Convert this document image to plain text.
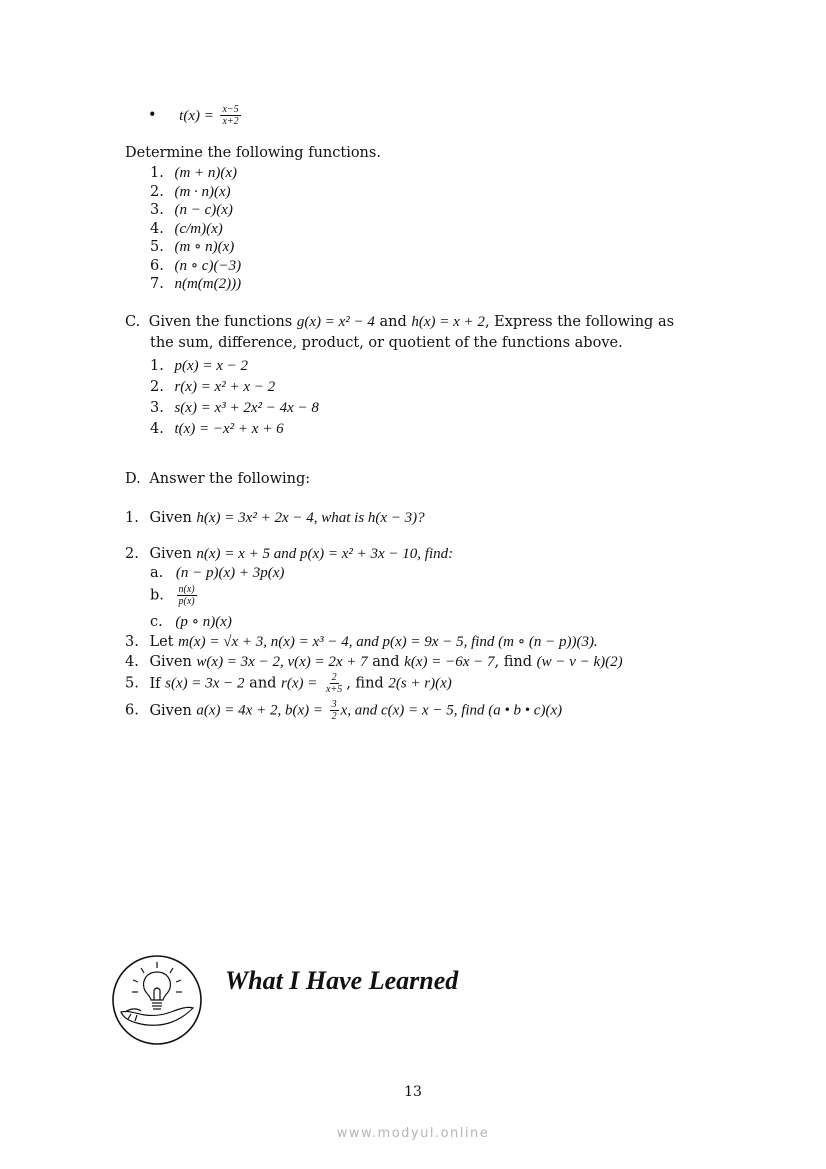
• $t(x) = \frac{x-5}{x+2}$
Determine the following functions.
1. (m + n)(x)
2. (m · n)(x)
3. (n − c)(x)
4. (c/m)(x)
5. (m ∘ n)(x)
6. (n ∘ c)(−3)
7. n(m(m(2)))
C. Given the functions g(x) = x² − 4 and h(x) = x + 2, Express the following as
the sum, difference, product, or quotient of the functions above.
1. p(x) = x − 2
2. r(x) = x² + x − 2
3. s(x) = x³ + 2x² − 4x − 8
4. t(x) = −x² + x + 6
D. Answer the following:
1. Given h(x) = 3x² + 2x − 4, what is h(x − 3)?
2. Given n(x) = x + 5 and p(x) = x² + 3x − 10, find:
a. (n − p)(x) + 3p(x)
b. $\frac{n(x)}{p(x)}$
c. (p ∘ n)(x)
3. Let m(x) = √x + 3, n(x) = x³ − 4, and p(x) = 9x − 5, find (m ∘ (n − p))(3).
4. Given w(x) = 3x − 2, v(x) = 2x + 7 and k(x) = −6x − 7, find (w − v − k)(2)
5. If s(x) = 3x − 2 and $r(x) = \frac{2}{x+5}$ , find 2(s + r)(x)
6. Given a(x) = 4x + 2, $b(x) = \frac{3}{2} x$, and c(x) = x − 5, find (a • b • c)(x)
What I Have Learned
13
www.modyul.online
